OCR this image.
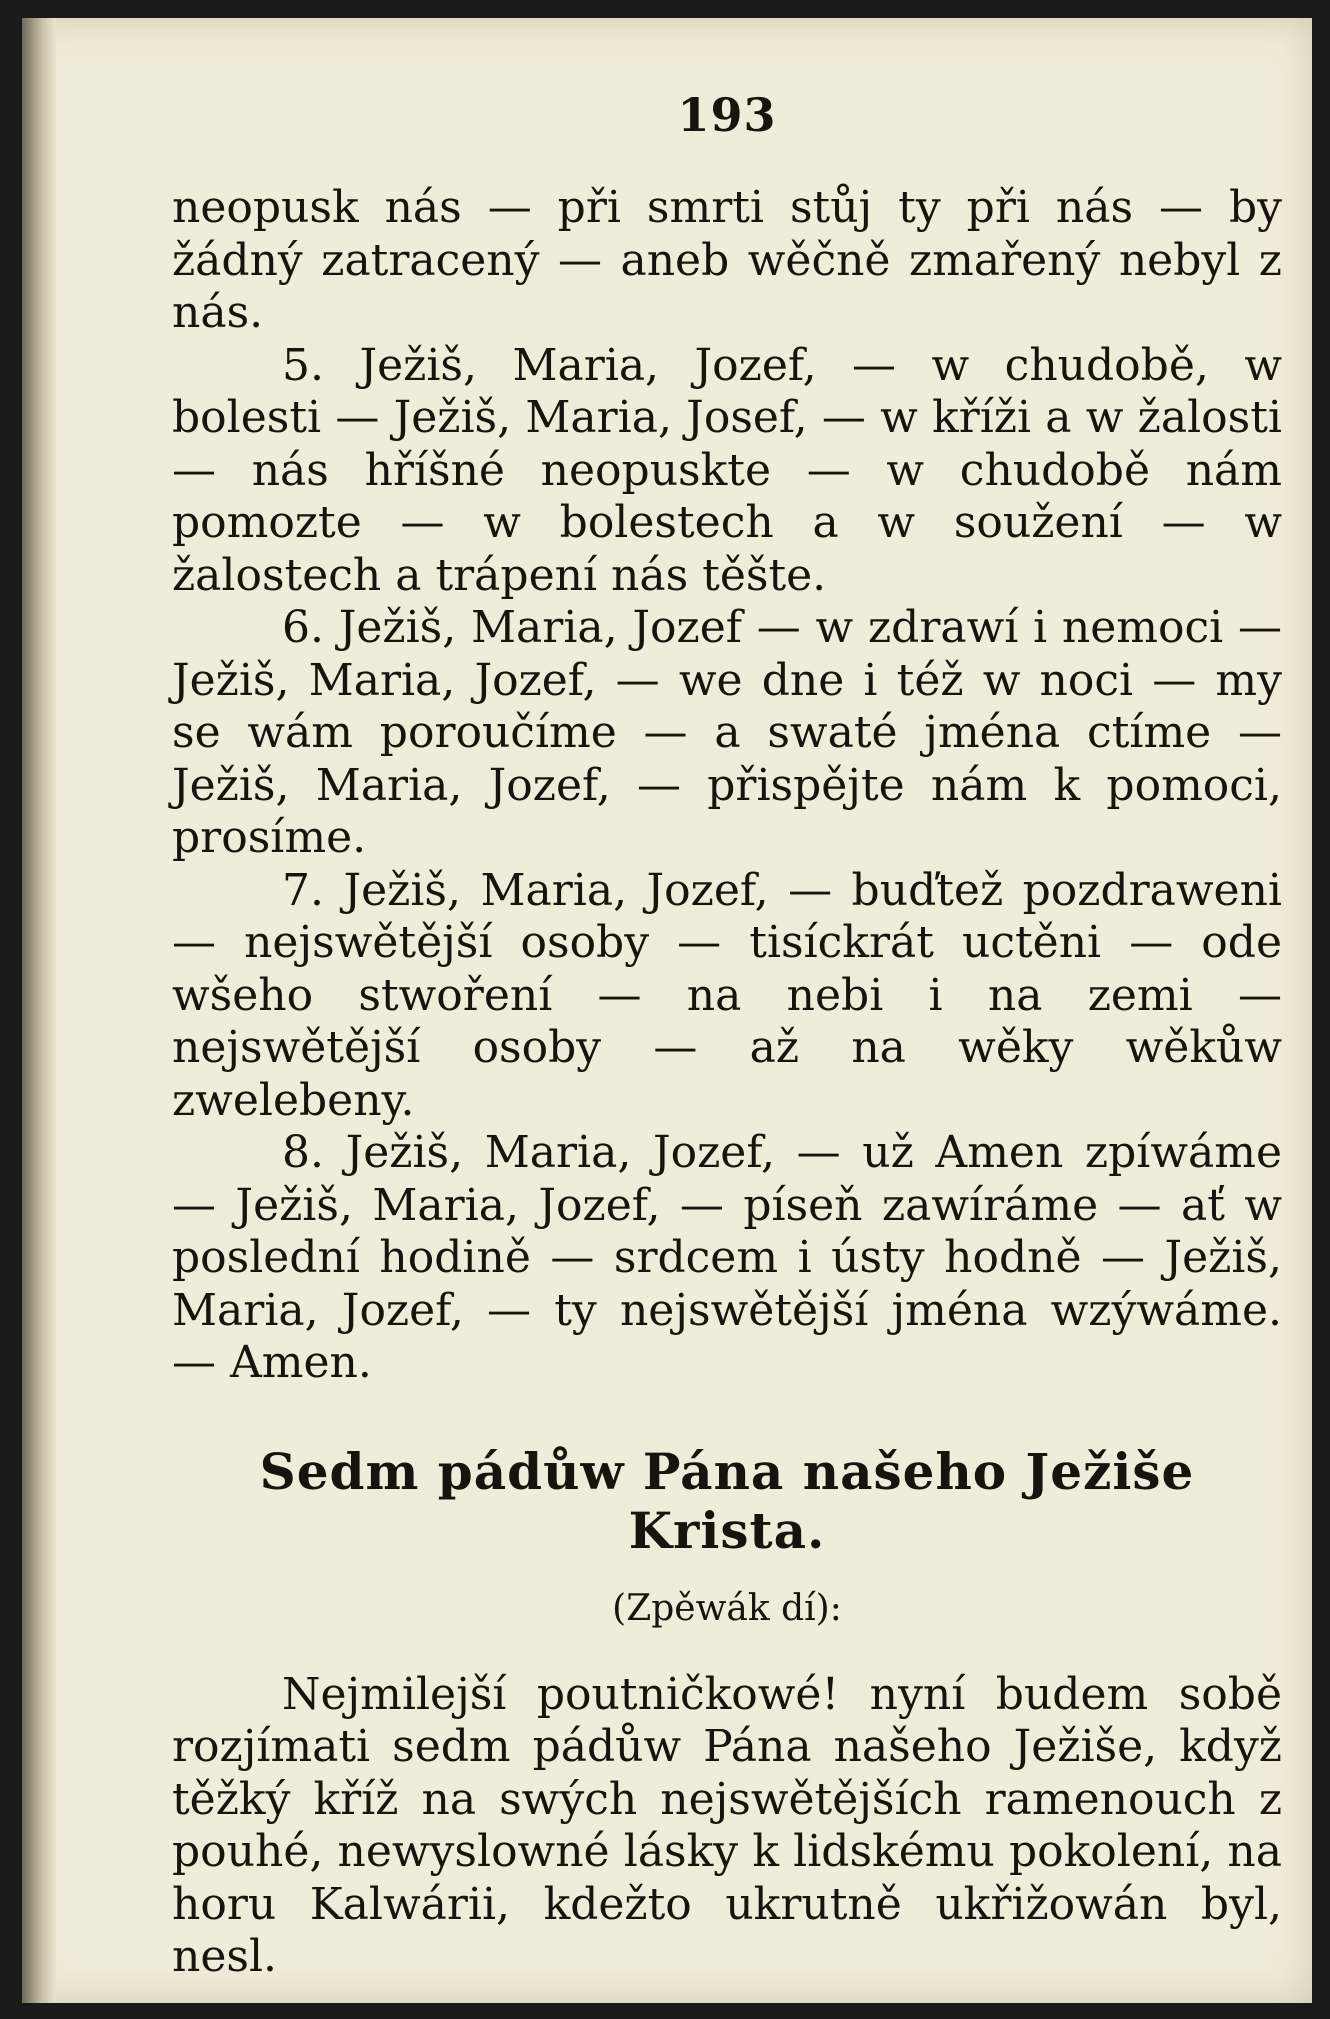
193

neopusk nás — při smrti stůj ty při nás — by žádný zatracený — aneb wěčně zmařený nebyl z nás.

5. Ježiš, Maria, Jozef, — w chudobě, w bolesti — Ježiš, Maria, Josef, — w kříži a w žalosti — nás hříšné neopuskte — w chudobě nám pomozte — w bolestech a w soužení — w žalostech a trápení nás těšte.

6. Ježiš, Maria, Jozef — w zdrawí i nemoci — Ježiš, Maria, Jozef, — we dne i též w noci — my se wám poroučíme — a swaté jména ctíme — Ježiš, Maria, Jozef, — přispějte nám k pomoci, prosíme.

7. Ježiš, Maria, Jozef, — buďtež pozdraweni — nejswětější osoby — tisíckrát uctěni — ode wšeho stwoření — na nebi i na zemi — nejswětější osoby — až na wěky wěkůw zwelebeny.

8. Ježiš, Maria, Jozef, — už Amen zpíwáme — Ježiš, Maria, Jozef, — píseň zawíráme — ať w poslední hodině — srdcem i ústy hodně — Ježiš, Maria, Jozef, — ty nejswětější jména wzýwáme. — Amen.

Sedm pádůw Pána našeho Ježiše Krista.
(Zpěwák dí):

Nejmilejší poutničkowé! nyní budem sobě rozjímati sedm pádůw Pána našeho Ježiše, když těžký kříž na swých nejswětějších ramenouch z pouhé, newyslowné lásky k lidskému pokolení, na horu Kalwárii, kdežto ukrutně ukřižowán byl, nesl.
